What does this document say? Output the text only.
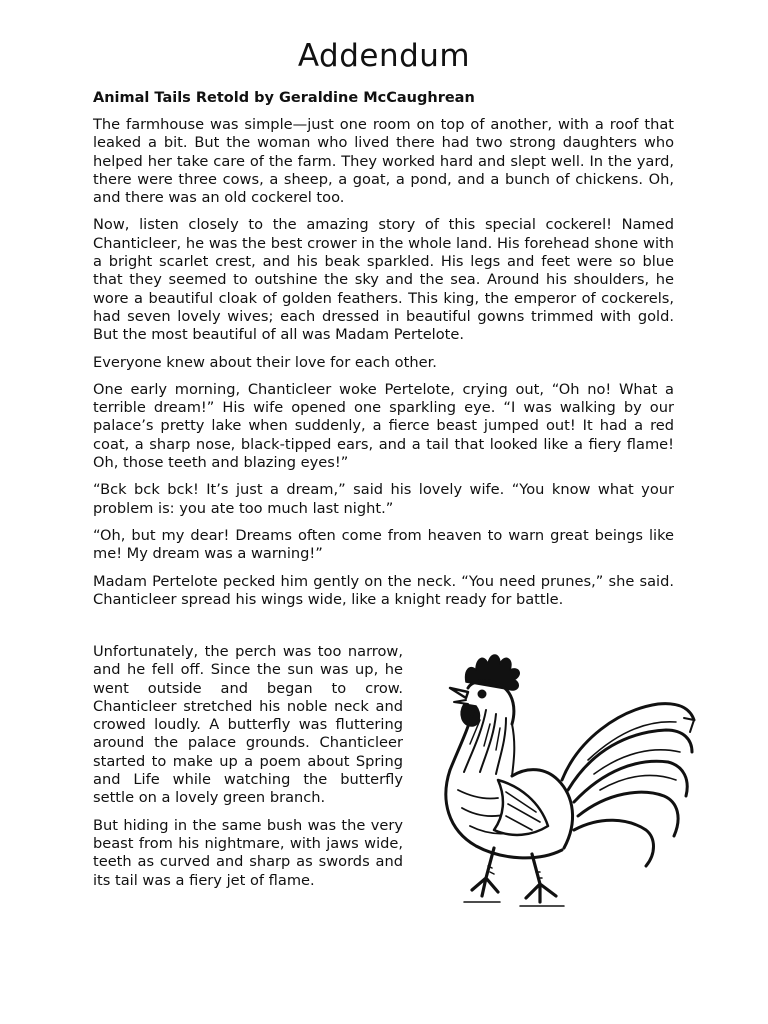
Addendum
Animal Tails Retold by Geraldine McCaughrean

The farmhouse was simple—just one room on top of another, with a roof that leaked a bit. But the woman who lived there had two strong daughters who helped her take care of the farm. They worked hard and slept well. In the yard, there were three cows, a sheep, a goat, a pond, and a bunch of chickens. Oh, and there was an old cockerel too.

Now, listen closely to the amazing story of this special cockerel! Named Chanticleer, he was the best crower in the whole land. His forehead shone with a bright scarlet crest, and his beak sparkled. His legs and feet were so blue that they seemed to outshine the sky and the sea. Around his shoulders, he wore a beautiful cloak of golden feathers. This king, the emperor of cockerels, had seven lovely wives; each dressed in beautiful gowns trimmed with gold. But the most beautiful of all was Madam Pertelote.

Everyone knew about their love for each other.

One early morning, Chanticleer woke Pertelote, crying out, “Oh no! What a terrible dream!” His wife opened one sparkling eye. “I was walking by our palace’s pretty lake when suddenly, a fierce beast jumped out! It had a red coat, a sharp nose, black-tipped ears, and a tail that looked like a fiery flame! Oh, those teeth and blazing eyes!”

“Bck bck bck! It’s just a dream,” said his lovely wife. “You know what your problem is: you ate too much last night.”

“Oh, but my dear! Dreams often come from heaven to warn great beings like me! My dream was a warning!”

Madam Pertelote pecked him gently on the neck. “You need prunes,” she said. Chanticleer spread his wings wide, like a knight ready for battle.

Unfortunately, the perch was too narrow, and he fell off. Since the sun was up, he went outside and began to crow. Chanticleer stretched his noble neck and crowed loudly. A butterfly was fluttering around the palace grounds. Chanticleer started to make up a poem about Spring and Life while watching the butterfly settle on a lovely green branch.

But hiding in the same bush was the very beast from his nightmare, with jaws wide, teeth as curved and sharp as swords and its tail was a fiery jet of flame.
